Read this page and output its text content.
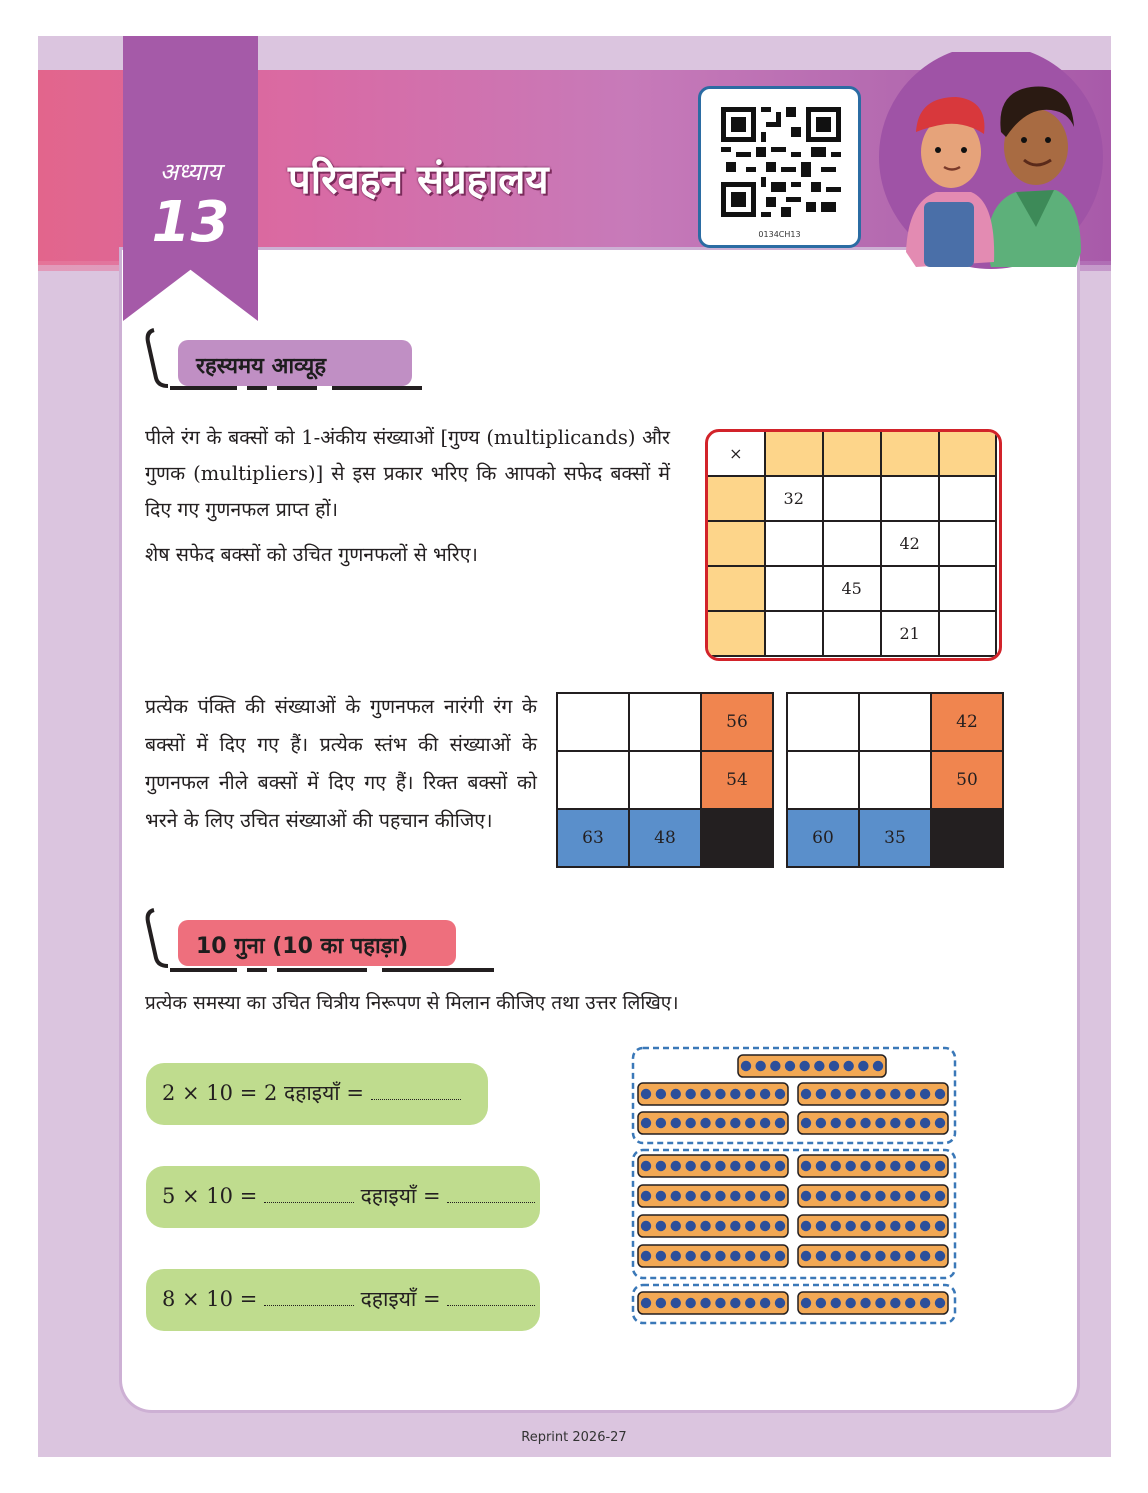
अध्याय
13
परिवहन संग्रहालय
0134CH13
रहस्यमय आव्यूह
पीले रंग के बक्सों को 1-अंकीय संख्याओं [गुण्य (multiplicands) और गुणक (multipliers)] से इस प्रकार भरिए कि आपको सफेद बक्सों में दिए गए गुणनफल प्राप्त हों।
शेष सफेद बक्सों को उचित गुणनफलों से भरिए।
×				
	32			
			42	
		45		
			21	
प्रत्येक पंक्ति की संख्याओं के गुणनफल नारंगी रंग के बक्सों में दिए गए हैं। प्रत्येक स्तंभ की संख्याओं के गुणनफल नीले बक्सों में दिए गए हैं। रिक्त बक्सों को भरने के लिए उचित संख्याओं की पहचान कीजिए।
		56
		54
63	48	
		42
		50
60	35	
10 गुना (10 का पहाड़ा)
प्रत्येक समस्या का उचित चित्रीय निरूपण से मिलान कीजिए तथा उत्तर लिखिए।
2 × 10 = 2 दहाइयाँ =
5 × 10 =	दहाइयाँ =
8 × 10 =	दहाइयाँ =
Reprint 2026-27
